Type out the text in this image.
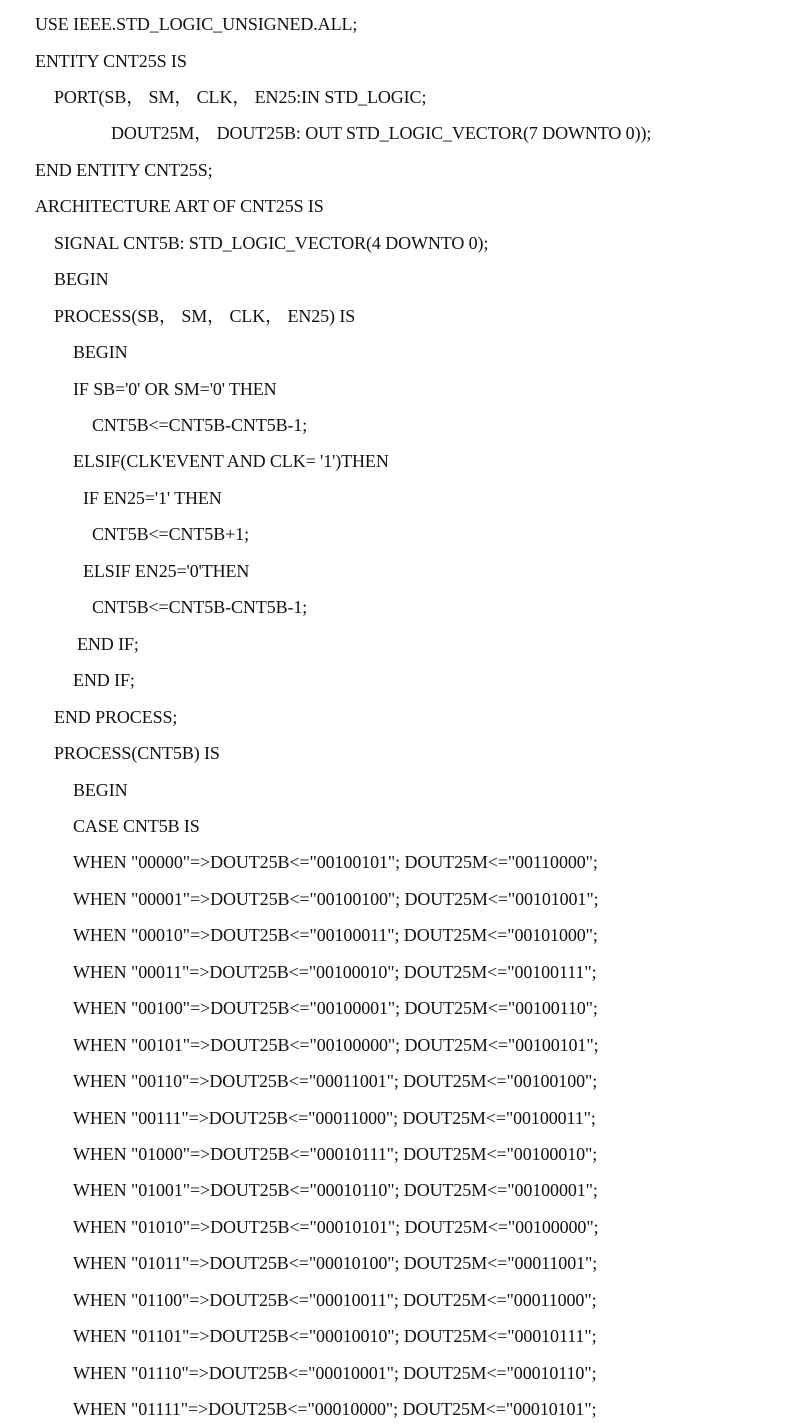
USE IEEE.STD_LOGIC_UNSIGNED.ALL;
ENTITY CNT25S IS
PORT(SB， SM， CLK， EN25:IN STD_LOGIC;
DOUT25M， DOUT25B: OUT STD_LOGIC_VECTOR(7 DOWNTO 0));
END ENTITY CNT25S;
ARCHITECTURE ART OF CNT25S IS
SIGNAL CNT5B: STD_LOGIC_VECTOR(4 DOWNTO 0);
BEGIN
PROCESS(SB， SM， CLK， EN25) IS
BEGIN
IF SB='0' OR SM='0' THEN
CNT5B<=CNT5B-CNT5B-1;
ELSIF(CLK'EVENT AND CLK= '1')THEN
IF EN25='1' THEN
CNT5B<=CNT5B+1;
ELSIF EN25='0'THEN
CNT5B<=CNT5B-CNT5B-1;
END IF;
END IF;
END PROCESS;
PROCESS(CNT5B) IS
BEGIN
CASE CNT5B IS
WHEN "00000"=>DOUT25B<="00100101"; DOUT25M<="00110000";
WHEN "00001"=>DOUT25B<="00100100"; DOUT25M<="00101001";
WHEN "00010"=>DOUT25B<="00100011"; DOUT25M<="00101000";
WHEN "00011"=>DOUT25B<="00100010"; DOUT25M<="00100111";
WHEN "00100"=>DOUT25B<="00100001"; DOUT25M<="00100110";
WHEN "00101"=>DOUT25B<="00100000"; DOUT25M<="00100101";
WHEN "00110"=>DOUT25B<="00011001"; DOUT25M<="00100100";
WHEN "00111"=>DOUT25B<="00011000"; DOUT25M<="00100011";
WHEN "01000"=>DOUT25B<="00010111"; DOUT25M<="00100010";
WHEN "01001"=>DOUT25B<="00010110"; DOUT25M<="00100001";
WHEN "01010"=>DOUT25B<="00010101"; DOUT25M<="00100000";
WHEN "01011"=>DOUT25B<="00010100"; DOUT25M<="00011001";
WHEN "01100"=>DOUT25B<="00010011"; DOUT25M<="00011000";
WHEN "01101"=>DOUT25B<="00010010"; DOUT25M<="00010111";
WHEN "01110"=>DOUT25B<="00010001"; DOUT25M<="00010110";
WHEN "01111"=>DOUT25B<="00010000"; DOUT25M<="00010101";
